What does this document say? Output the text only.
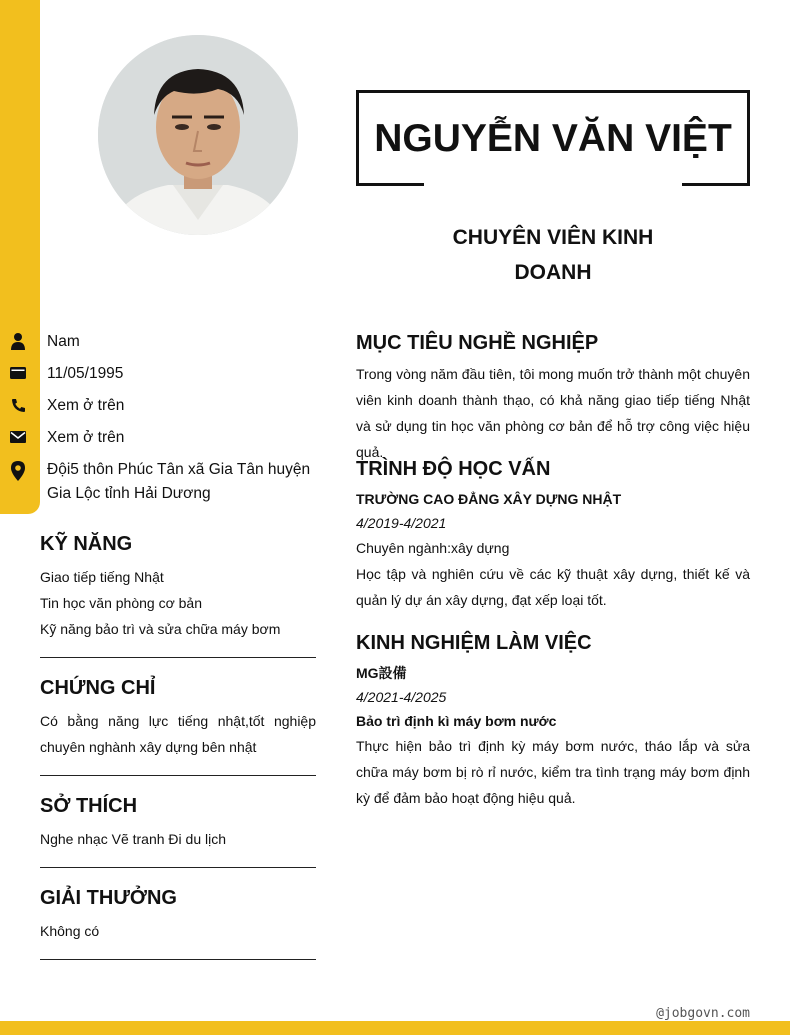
NGUYỄN VĂN VIỆT
CHUYÊN VIÊN KINH
DOANH
Nam
11/05/1995
Xem ở trên
Xem ở trên
Đội5 thôn Phúc Tân xã Gia Tân huyện Gia Lộc tỉnh Hải Dương
KỸ NĂNG
Giao tiếp tiếng Nhật
Tin học văn phòng cơ bản
Kỹ năng bảo trì và sửa chữa máy bơm
CHỨNG CHỈ
Có bằng năng lực tiếng nhật,tốt nghiệp chuyên nghành xây dựng bên nhật
SỞ THÍCH
Nghe nhạc Vẽ tranh Đi du lịch
GIẢI THƯỞNG
Không có
MỤC TIÊU NGHỀ NGHIỆP
Trong vòng năm đầu tiên, tôi mong muốn trở thành một chuyên viên kinh doanh thành thạo, có khả năng giao tiếp tiếng Nhật và sử dụng tin học văn phòng cơ bản để hỗ trợ công việc hiệu quả.
TRÌNH ĐỘ HỌC VẤN
TRƯỜNG CAO ĐẲNG XÂY DỰNG NHẬT
4/2019-4/2021
Chuyên ngành:xây dựng
Học tập và nghiên cứu về các kỹ thuật xây dựng, thiết kế và quản lý dự án xây dựng, đạt xếp loại tốt.
KINH NGHIỆM LÀM VIỆC
MG設備
4/2021-4/2025
Bảo trì định kì máy bơm nước
Thực hiện bảo trì định kỳ máy bơm nước, tháo lắp và sửa chữa máy bơm bị rò rỉ nước, kiểm tra tình trạng máy bơm định kỳ để đảm bảo hoạt động hiệu quả.
@jobgovn.com
